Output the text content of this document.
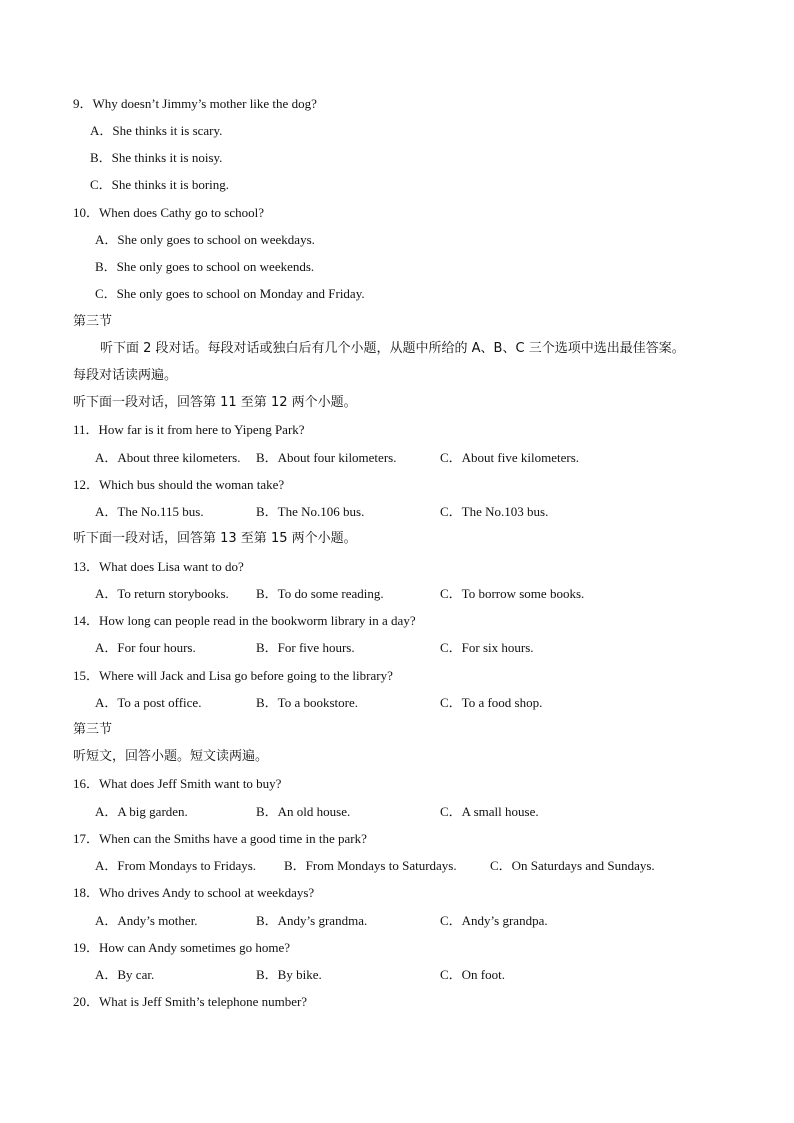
9．Why doesn’t Jimmy’s mother like the dog?
A．She thinks it is scary.
B．She thinks it is noisy.
C．She thinks it is boring.
10．When does Cathy go to school?
A．She only goes to school on weekdays.
B．She only goes to school on weekends.
C．She only goes to school on Monday and Friday.
第三节
听下面 2 段对话。每段对话或独白后有几个小题，从题中所给的 A、B、C 三个选项中选出最佳答案。
每段对话读两遍。
听下面一段对话，回答第 11 至第 12 两个小题。
11．How far is it from here to Yipeng Park?
A．About three kilometers. B．About four kilometers.	C．About five kilometers.
12．Which bus should the woman take?
A．The No.115 bus.	B．The No.106 bus.	C．The No.103 bus.
听下面一段对话，回答第 13 至第 15 两个小题。
13．What does Lisa want to do?
A．To return storybooks. B．To do some reading.	C．To borrow some books.
14．How long can people read in the bookworm library in a day?
A．For four hours.	B．For five hours.	C．For six hours.
15．Where will Jack and Lisa go before going to the library?
A．To a post office.	B．To a bookstore.	C．To a food shop.
第三节
听短文，回答小题。短文读两遍。
16．What does Jeff Smith want to buy?
A．A big garden.	B．An old house.	C．A small house.
17．When can the Smiths have a good time in the park?
A．From Mondays to Fridays. B．From Mondays to Saturdays.	C．On Saturdays and Sundays.
18．Who drives Andy to school at weekdays?
A．Andy’s mother.	B．Andy’s grandma.	C．Andy’s grandpa.
19．How can Andy sometimes go home?
A．By car.	B．By bike.	C．On foot.
20．What is Jeff Smith’s telephone number?
